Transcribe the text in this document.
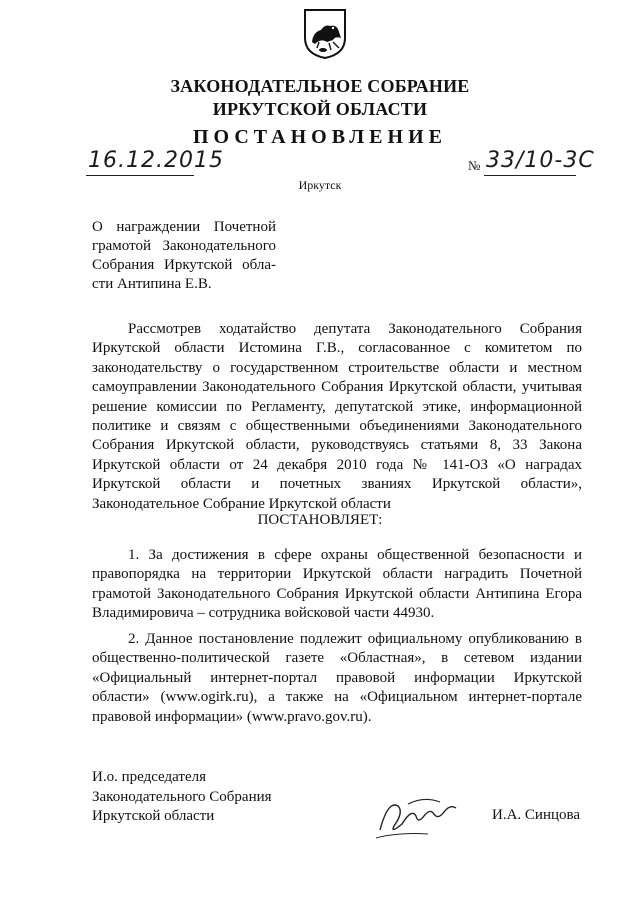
ЗАКОНОДАТЕЛЬНОЕ СОБРАНИЕ
ИРКУТСКОЙ ОБЛАСТИ
ПОСТАНОВЛЕНИЕ
16.12.2015	№ 33/10-3С
Иркутск
О награждении Почетной грамотой Законодательного Собрания Иркутской обла-сти Антипина Е.В.
Рассмотрев ходатайство депутата Законодательного Собрания Иркутской области Истомина Г.В., согласованное с комитетом по законодательству о государственном строительстве области и местном самоуправлении Законодательного Собрания Иркутской области, учитывая решение комиссии по Регламенту, депутатской этике, информационной политике и связям с общественными объединениями Законодательного Собрания Иркутской области, руководствуясь статьями 8, 33 Закона Иркутской области от 24 декабря 2010 года № 141-ОЗ «О наградах Иркутской области и почетных званиях Иркутской области», Законодательное Собрание Иркутской области
ПОСТАНОВЛЯЕТ:
1. За достижения в сфере охраны общественной безопасности и правопорядка на территории Иркутской области наградить Почетной грамотой Законодательного Собрания Иркутской области Антипина Егора Владимировича – сотрудника войсковой части 44930.
2. Данное постановление подлежит официальному опубликованию в общественно-политической газете «Областная», в сетевом издании «Официальный интернет-портал правовой информации Иркутской области» (www.ogirk.ru), а также на «Официальном интернет-портале правовой информации» (www.pravo.gov.ru).
И.о. председателя
Законодательного Собрания
Иркутской области	И.А. Синцова
